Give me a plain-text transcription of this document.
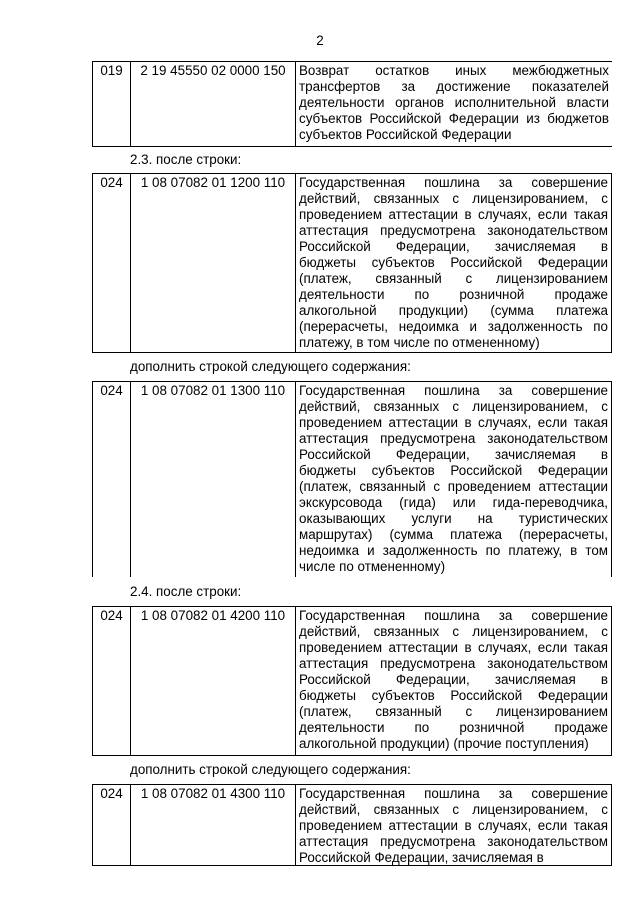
2
019	2 19 45550 02 0000 150 Возврат остатков иных межбюджетных
трансфертов за достижение показателей
деятельности органов исполнительной власти
субъектов Российской Федерации из бюджетов
субъектов Российской Федерации
2.3. после строки:
024	1 08 07082 01 1200 110	Государственная пошлина за совершение
действий, связанных с лицензированием, с
проведением аттестации в случаях, если такая
аттестация предусмотрена законодательством
Российской Федерации, зачисляемая в
бюджеты субъектов Российской Федерации
(платеж, связанный с лицензированием
деятельности по розничной продаже
алкогольной продукции) (сумма платежа
(перерасчеты, недоимка и задолженность по
платежу, в том числе по отмененному)
дополнить строкой следующего содержания:
024	1 08 07082 01 1300 110	Государственная пошлина за совершение
действий, связанных с лицензированием, с
проведением аттестации в случаях, если такая
аттестация предусмотрена законодательством
Российской Федерации, зачисляемая в
бюджеты субъектов Российской Федерации
(платеж, связанный с проведением аттестации
экскурсовода (гида) или гида-переводчика,
оказывающих услуги на туристических
маршрутах) (сумма платежа (перерасчеты,
недоимка и задолженность по платежу, в том
числе по отмененному)
2.4. после строки:
024	1 08 07082 01 4200 110	Государственная пошлина за совершение
действий, связанных с лицензированием, с
проведением аттестации в случаях, если такая
аттестация предусмотрена законодательством
Российской Федерации, зачисляемая в
бюджеты субъектов Российской Федерации
(платеж, связанный с лицензированием
деятельности по розничной продаже
алкогольной продукции) (прочие поступления)
дополнить строкой следующего содержания:
024	1 08 07082 01 4300 110	Государственная пошлина за совершение
действий, связанных с лицензированием, с
проведением аттестации в случаях, если такая
аттестация предусмотрена законодательством
Российской Федерации, зачисляемая в
